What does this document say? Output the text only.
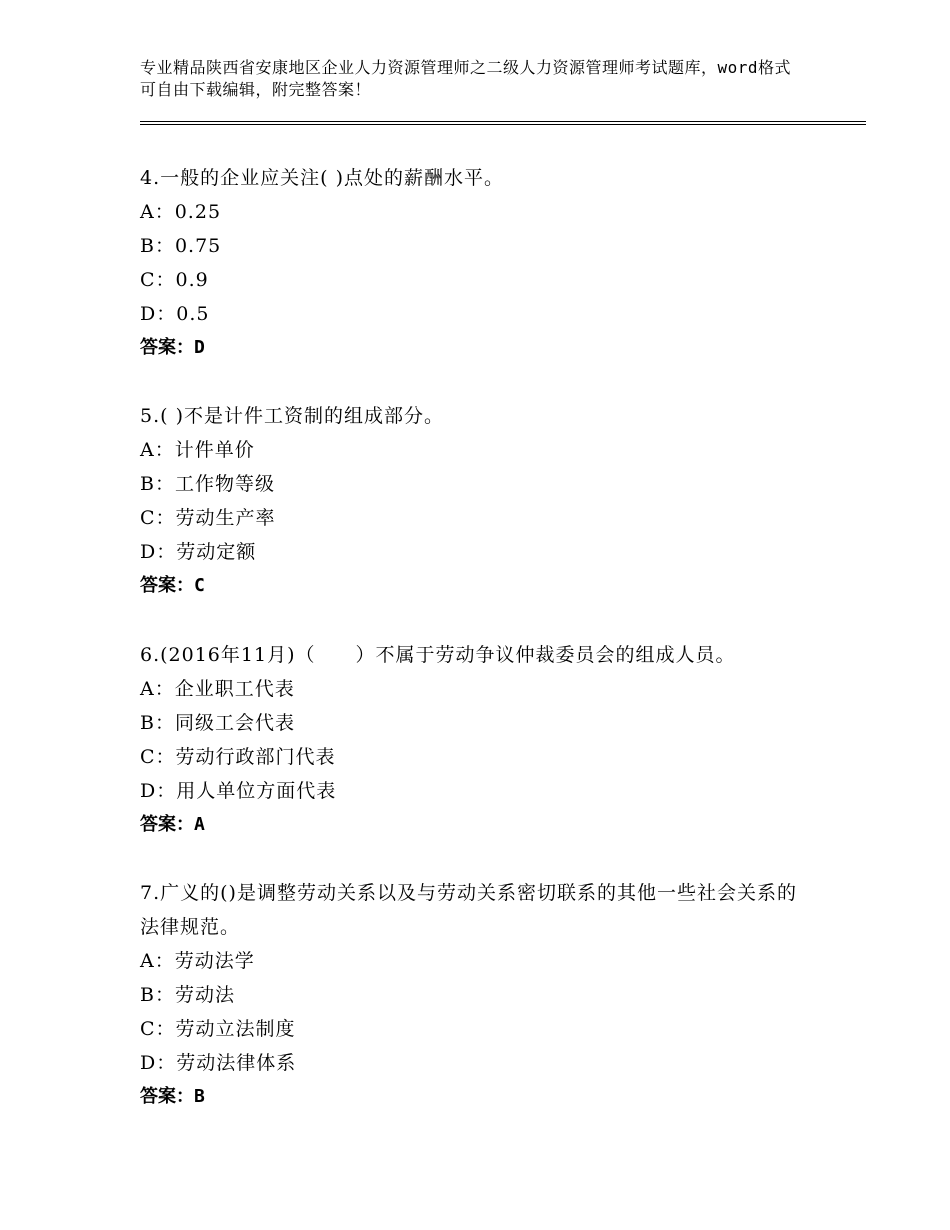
专业精品陕西省安康地区企业人力资源管理师之二级人力资源管理师考试题库，word格式可自由下载编辑，附完整答案！
4.一般的企业应关注( )点处的薪酬水平。
A：0.25
B：0.75
C：0.9
D：0.5
答案：D
5.( )不是计件工资制的组成部分。
A：计件单价
B：工作物等级
C：劳动生产率
D：劳动定额
答案：C
6.(2016年11月)（　　）不属于劳动争议仲裁委员会的组成人员。
A：企业职工代表
B：同级工会代表
C：劳动行政部门代表
D：用人单位方面代表
答案：A
7.广义的()是调整劳动关系以及与劳动关系密切联系的其他一些社会关系的法律规范。
A：劳动法学
B：劳动法
C：劳动立法制度
D：劳动法律体系
答案：B
